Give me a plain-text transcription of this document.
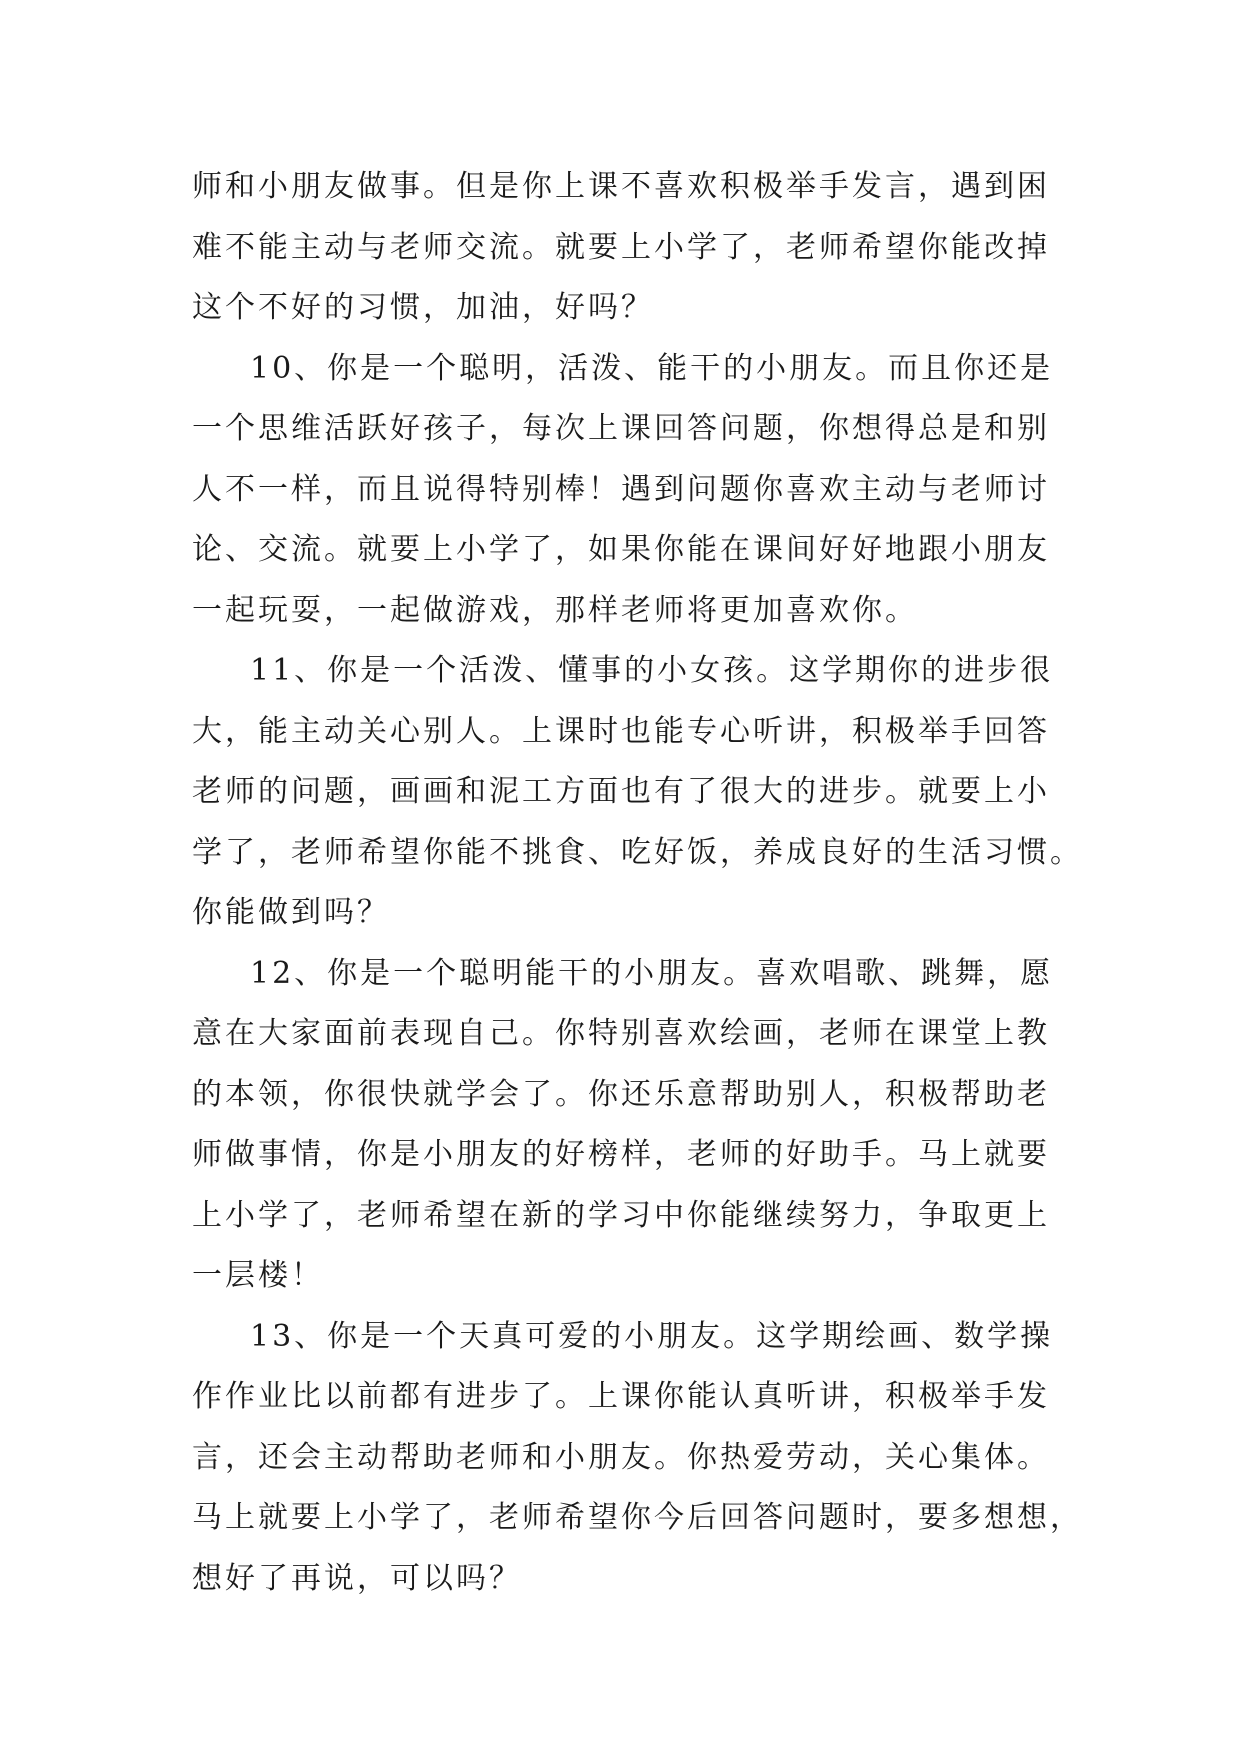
师和小朋友做事。但是你上课不喜欢积极举手发言，遇到困
难不能主动与老师交流。就要上小学了，老师希望你能改掉
这个不好的习惯，加油，好吗？
10、你是一个聪明，活泼、能干的小朋友。而且你还是
一个思维活跃好孩子，每次上课回答问题，你想得总是和别
人不一样，而且说得特别棒！遇到问题你喜欢主动与老师讨
论、交流。就要上小学了，如果你能在课间好好地跟小朋友
一起玩耍，一起做游戏，那样老师将更加喜欢你。
11、你是一个活泼、懂事的小女孩。这学期你的进步很
大，能主动关心别人。上课时也能专心听讲，积极举手回答
老师的问题，画画和泥工方面也有了很大的进步。就要上小
学了，老师希望你能不挑食、吃好饭，养成良好的生活习惯。
你能做到吗？
12、你是一个聪明能干的小朋友。喜欢唱歌、跳舞，愿
意在大家面前表现自己。你特别喜欢绘画，老师在课堂上教
的本领，你很快就学会了。你还乐意帮助别人，积极帮助老
师做事情，你是小朋友的好榜样，老师的好助手。马上就要
上小学了，老师希望在新的学习中你能继续努力，争取更上
一层楼！
13、你是一个天真可爱的小朋友。这学期绘画、数学操
作作业比以前都有进步了。上课你能认真听讲，积极举手发
言，还会主动帮助老师和小朋友。你热爱劳动，关心集体。
马上就要上小学了，老师希望你今后回答问题时，要多想想，
想好了再说，可以吗？
